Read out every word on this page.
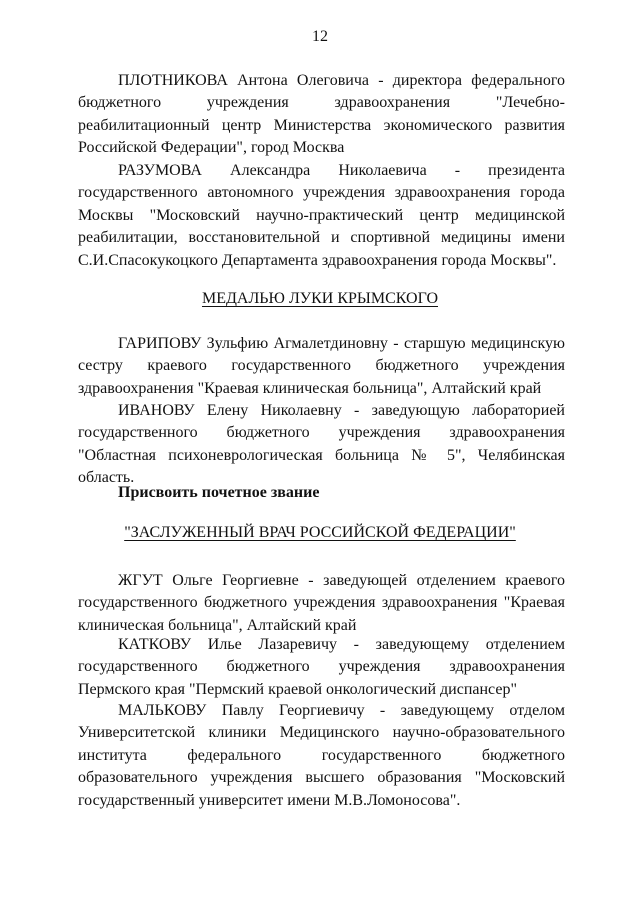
12

ПЛОТНИКОВА Антона Олеговича - директора федерального бюджетного учреждения здравоохранения "Лечебно-реабилитационный центр Министерства экономического развития Российской Федерации", город Москва

РАЗУМОВА Александра Николаевича - президента государственного автономного учреждения здравоохранения города Москвы "Московский научно-практический центр медицинской реабилитации, восстановительной и спортивной медицины имени С.И.Спасокукоцкого Департамента здравоохранения города Москвы".

МЕДАЛЬЮ ЛУКИ КРЫМСКОГО

ГАРИПОВУ Зульфию Агмалетдиновну - старшую медицинскую сестру краевого государственного бюджетного учреждения здравоохранения "Краевая клиническая больница", Алтайский край

ИВАНОВУ Елену Николаевну - заведующую лабораторией государственного бюджетного учреждения здравоохранения "Областная психоневрологическая больница № 5", Челябинская область.

Присвоить почетное звание

"ЗАСЛУЖЕННЫЙ ВРАЧ РОССИЙСКОЙ ФЕДЕРАЦИИ"

ЖГУТ Ольге Георгиевне - заведующей отделением краевого государственного бюджетного учреждения здравоохранения "Краевая клиническая больница", Алтайский край

КАТКОВУ Илье Лазаревичу - заведующему отделением государственного бюджетного учреждения здравоохранения Пермского края "Пермский краевой онкологический диспансер"

МАЛЬКОВУ Павлу Георгиевичу - заведующему отделом Университетской клиники Медицинского научно-образовательного института федерального государственного бюджетного образовательного учреждения высшего образования "Московский государственный университет имени М.В.Ломоносова".
